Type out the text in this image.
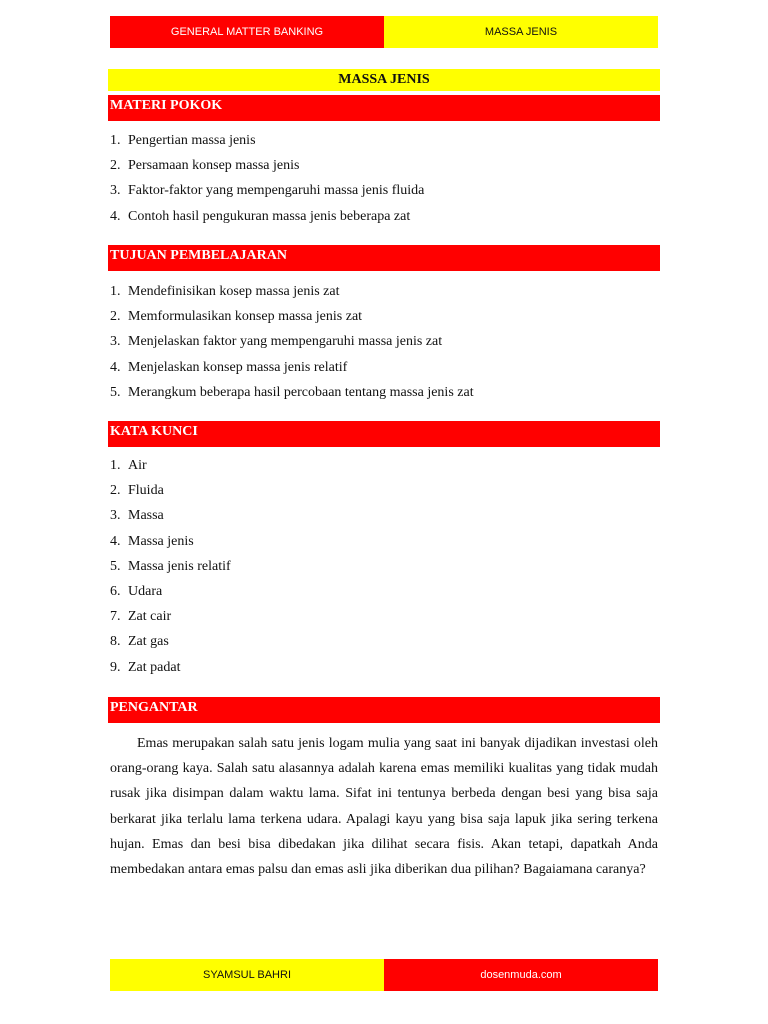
GENERAL MATTER BANKING	MASSA JENIS
MASSA JENIS
MATERI POKOK
1. Pengertian massa jenis
2. Persamaan konsep massa jenis
3. Faktor-faktor yang mempengaruhi massa jenis fluida
4. Contoh hasil pengukuran massa jenis beberapa zat
TUJUAN PEMBELAJARAN
1. Mendefinisikan kosep massa jenis zat
2. Memformulasikan konsep massa jenis zat
3. Menjelaskan faktor yang mempengaruhi massa jenis zat
4. Menjelaskan konsep massa jenis relatif
5. Merangkum beberapa hasil percobaan tentang massa jenis zat
KATA KUNCI
1. Air
2. Fluida
3. Massa
4. Massa jenis
5. Massa jenis relatif
6. Udara
7. Zat cair
8. Zat gas
9. Zat padat
PENGANTAR

Emas merupakan salah satu jenis logam mulia yang saat ini banyak dijadikan investasi oleh orang-orang kaya. Salah satu alasannya adalah karena emas memiliki kualitas yang tidak mudah rusak jika disimpan dalam waktu lama. Sifat ini tentunya berbeda dengan besi yang bisa saja berkarat jika terlalu lama terkena udara. Apalagi kayu yang bisa saja lapuk jika sering terkena hujan. Emas dan besi bisa dibedakan jika dilihat secara fisis. Akan tetapi, dapatkah Anda membedakan antara emas palsu dan emas asli jika diberikan dua pilihan? Bagaiamana caranya?

SYAMSUL BAHRI	dosenmuda.com
